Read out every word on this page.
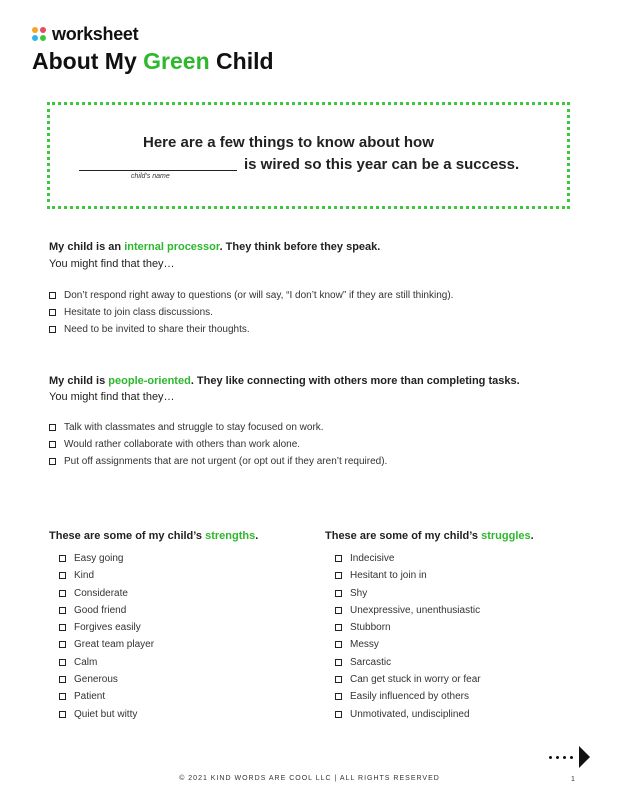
worksheet
About My Green Child
Here are a few things to know about how
is wired so this year can be a success.
child’s name
My child is an internal processor. They think before they speak.
You might find that they…
Don’t respond right away to questions (or will say, “I don’t know” if they are still thinking).
Hesitate to join class discussions.
Need to be invited to share their thoughts.
My child is people-oriented. They like connecting with others more than completing tasks.
You might find that they…
Talk with classmates and struggle to stay focused on work.
Would rather collaborate with others than work alone.
Put off assignments that are not urgent (or opt out if they aren’t required).
These are some of my child’s strengths.
Easy going
Kind
Considerate
Good friend
Forgives easily
Great team player
Calm
Generous
Patient
Quiet but witty
These are some of my child’s struggles.
Indecisive
Hesitant to join in
Shy
Unexpressive, unenthusiastic
Stubborn
Messy
Sarcastic
Can get stuck in worry or fear
Easily influenced by others
Unmotivated, undisciplined
© 2021 KIND WORDS ARE COOL LLC | ALL RIGHTS RESERVED	1
